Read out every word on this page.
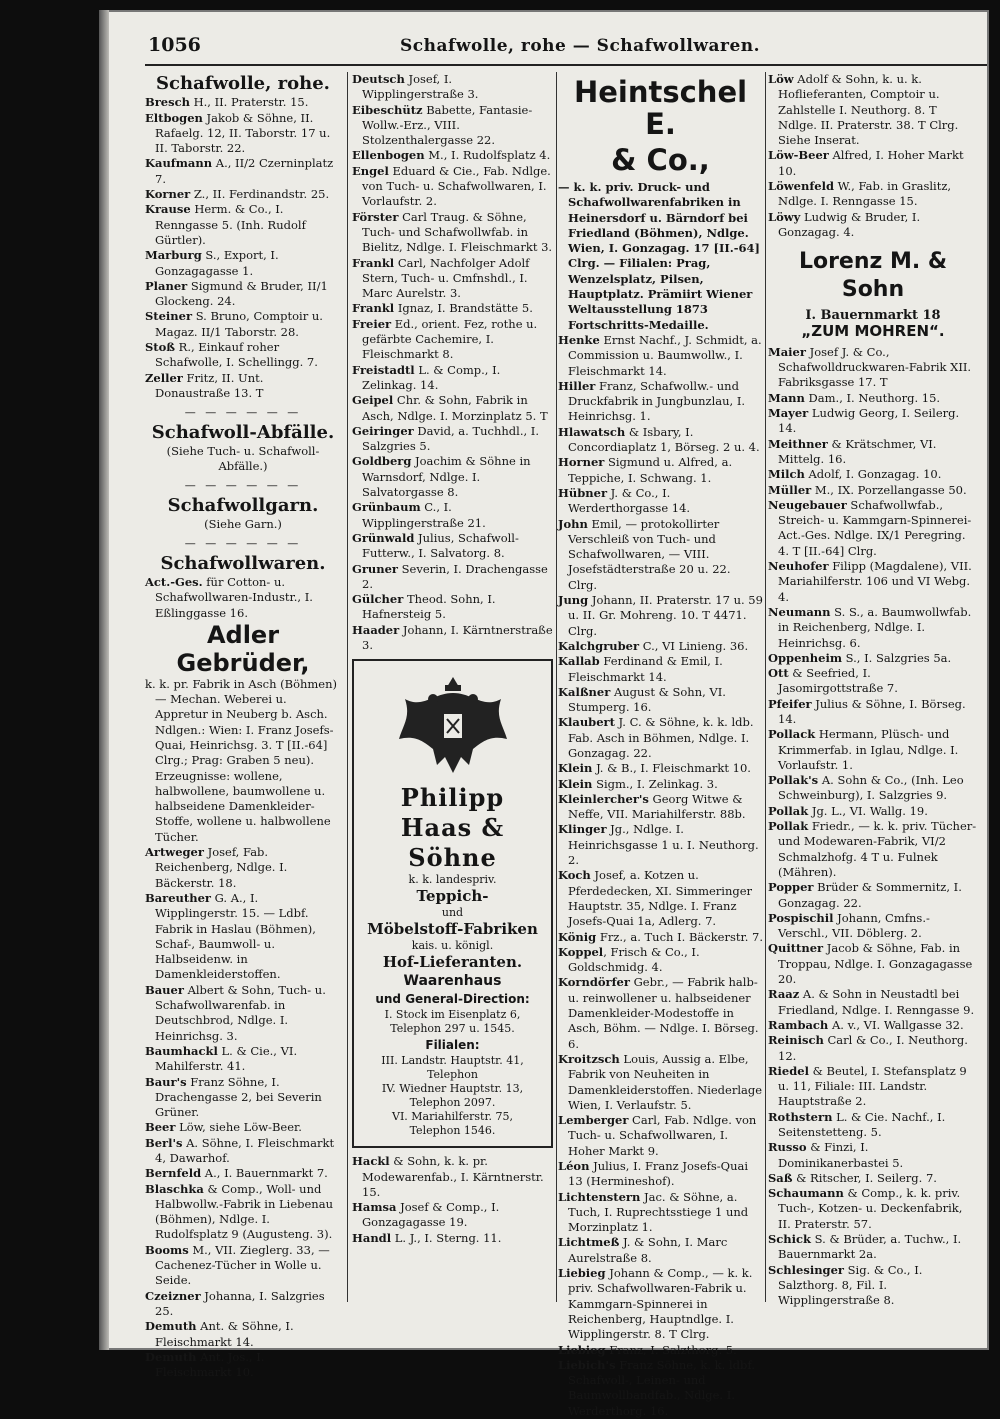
1056	Schafwolle, rohe — Schafwollwaren.
Schafwolle, rohe.
Bresch H., II. Praterstr. 15.
Eltbogen Jakob & Söhne, II. Rafaelg. 12, II. Taborstr. 17 u. II. Taborstr. 22.
Kaufmann A., II/2 Czerninplatz 7.
Korner Z., II. Ferdinandstr. 25.
Krause Herm. & Co., I. Renngasse 5. (Inh. Rudolf Gürtler).
Marburg S., Export, I. Gonzagagasse 1.
Planer Sigmund & Bruder, II/1 Glockeng. 24.
Steiner S. Bruno, Comptoir u. Magaz. II/1 Taborstr. 28.
Stoß R., Einkauf roher Schafwolle, I. Schellingg. 7.
Zeller Fritz, II. Unt. Donaustraße 13. T
— — — — — —
Schafwoll-Abfälle.
(Siehe Tuch- u. Schafwoll-Abfälle.)
— — — — — —
Schafwollgarn.
(Siehe Garn.)
— — — — — —
Schafwollwaren.
Act.-Ges. für Cotton- u. Schafwollwaren-Industr., I. Eßlinggasse 16.
Adler Gebrüder,
k. k. pr. Fabrik in Asch (Böhmen) — Mechan. Weberei u. Appretur in Neuberg b. Asch. Ndlgen.: Wien: I. Franz Josefs-Quai, Heinrichsg. 3. T [II.-64] Clrg.; Prag: Graben 5 neu). Erzeugnisse: wollene, halbwollene, baumwollene u. halbseidene Damenkleider-Stoffe, wollene u. halbwollene Tücher.
Artweger Josef, Fab. Reichenberg, Ndlge. I. Bäckerstr. 18.
Bareuther G. A., I. Wipplingerstr. 15. — Ldbf. Fabrik in Haslau (Böhmen), Schaf-, Baumwoll- u. Halbseidenw. in Damenkleiderstoffen.
Bauer Albert & Sohn, Tuch- u. Schafwollwarenfab. in Deutschbrod, Ndlge. I. Heinrichsg. 3.
Baumhackl L. & Cie., VI. Mahilferstr. 41.
Baur's Franz Söhne, I. Drachengasse 2, bei Severin Grüner.
Beer Löw, siehe Löw-Beer.
Berl's A. Söhne, I. Fleischmarkt 4, Dawarhof.
Bernfeld A., I. Bauernmarkt 7.
Blaschka & Comp., Woll- und Halbwollw.-Fabrik in Liebenau (Böhmen), Ndlge. I. Rudolfsplatz 9 (Augusteng. 3).
Booms M., VII. Zieglerg. 33, — Cachenez-Tücher in Wolle u. Seide.
Czeizner Johanna, I. Salzgries 25.
Demuth Ant. & Söhne, I. Fleischmarkt 14.
Demuth Ant. Jos., I. Fleischmarkt 10.
Deutsch Josef, I. Wipplingerstraße 3.
Eibeschütz Babette, Fantasie-Wollw.-Erz., VIII. Stolzenthalergasse 22.
Ellenbogen M., I. Rudolfsplatz 4.
Engel Eduard & Cie., Fab. Ndlge. von Tuch- u. Schafwollwaren, I. Vorlaufstr. 2.
Förster Carl Traug. & Söhne, Tuch- und Schafwollwfab. in Bielitz, Ndlge. I. Fleischmarkt 3.
Frankl Carl, Nachfolger Adolf Stern, Tuch- u. Cmfnshdl., I. Marc Aurelstr. 3.
Frankl Ignaz, I. Brandstätte 5.
Freier Ed., orient. Fez, rothe u. gefärbte Cachemire, I. Fleischmarkt 8.
Freistadtl L. & Comp., I. Zelinkag. 14.
Geipel Chr. & Sohn, Fabrik in Asch, Ndlge. I. Morzinplatz 5. T
Geiringer David, a. Tuchhdl., I. Salzgries 5.
Goldberg Joachim & Söhne in Warnsdorf, Ndlge. I. Salvatorgasse 8.
Grünbaum C., I. Wipplingerstraße 21.
Grünwald Julius, Schafwoll-Futterw., I. Salvatorg. 8.
Gruner Severin, I. Drachengasse 2.
Gülcher Theod. Sohn, I. Hafnersteig 5.
Haader Johann, I. Kärntnerstraße 3.
Philipp
Haas & Söhne
k. k. landespriv.
Teppich-
und
Möbelstoff-Fabriken
kais. u. königl.
Hof-Lieferanten.
Waarenhaus
und General-Direction:
I. Stock im Eisenplatz 6,
Telephon 297 u. 1545.
Filialen:
III. Landstr. Hauptstr. 41,
Telephon
IV. Wiedner Hauptstr. 13,
Telephon 2097.
VI. Mariahilferstr. 75,
Telephon 1546.
Hackl & Sohn, k. k. pr. Modewarenfab., I. Kärntnerstr. 15.
Hamsa Josef & Comp., I. Gonzagagasse 19.
Handl L. J., I. Sterng. 11.
Heintschel E.
& Co.,
— k. k. priv. Druck- und Schafwollwarenfabriken in Heinersdorf u. Bärndorf bei Friedland (Böhmen), Ndlge. Wien, I. Gonzagag. 17 [II.-64] Clrg. — Filialen: Prag, Wenzelsplatz, Pilsen, Hauptplatz. Prämiirt Wiener Weltausstellung 1873 Fortschritts-Medaille.
Henke Ernst Nachf., J. Schmidt, a. Commission u. Baumwollw., I. Fleischmarkt 14.
Hiller Franz, Schafwollw.- und Druckfabrik in Jungbunzlau, I. Heinrichsg. 1.
Hlawatsch & Isbary, I. Concordiaplatz 1, Börseg. 2 u. 4.
Horner Sigmund u. Alfred, a. Teppiche, I. Schwang. 1.
Hübner J. & Co., I. Werderthorgasse 14.
John Emil, — protokollirter Verschleiß von Tuch- und Schafwollwaren, — VIII. Josefstädterstraße 20 u. 22. Clrg.
Jung Johann, II. Praterstr. 17 u. 59 u. II. Gr. Mohreng. 10. T 4471. Clrg.
Kalchgruber C., VI Linieng. 36.
Kallab Ferdinand & Emil, I. Fleischmarkt 14.
Kalßner August & Sohn, VI. Stumperg. 16.
Klaubert J. C. & Söhne, k. k. ldb. Fab. Asch in Böhmen, Ndlge. I. Gonzagag. 22.
Klein J. & B., I. Fleischmarkt 10.
Klein Sigm., I. Zelinkag. 3.
Kleinlercher's Georg Witwe & Neffe, VII. Mariahilferstr. 88b.
Klinger Jg., Ndlge. I. Heinrichsgasse 1 u. I. Neuthorg. 2.
Koch Josef, a. Kotzen u. Pferdedecken, XI. Simmeringer Hauptstr. 35, Ndlge. I. Franz Josefs-Quai 1a, Adlerg. 7.
König Frz., a. Tuch I. Bäckerstr. 7.
Koppel, Frisch & Co., I. Goldschmidg. 4.
Korndörfer Gebr., — Fabrik halb- u. reinwollener u. halbseidener Damenkleider-Modestoffe in Asch, Böhm. — Ndlge. I. Börseg. 6.
Kroitzsch Louis, Aussig a. Elbe, Fabrik von Neuheiten in Damenkleiderstoffen. Niederlage Wien, I. Verlaufstr. 5.
Lemberger Carl, Fab. Ndlge. von Tuch- u. Schafwollwaren, I. Hoher Markt 9.
Léon Julius, I. Franz Josefs-Quai 13 (Hermineshof).
Lichtenstern Jac. & Söhne, a. Tuch, I. Ruprechtsstiege 1 und Morzinplatz 1.
Lichtmeß J. & Sohn, I. Marc Aurelstraße 8.
Liebieg Johann & Comp., — k. k. priv. Schafwollwaren-Fabrik u. Kammgarn-Spinnerei in Reichenberg, Hauptndlge. I. Wipplingerstr. 8. T Clrg.
Liebieg Franz, I. Salzthorg. 5.
Liebich's Franz Söhne, k. k. ldbf. Schafwoll-, Leinen- und Baumwollbandfab., Ndlge. I. Werderthorg. 16.
Löw Adolf & Sohn, k. u. k. Hoflieferanten, Comptoir u. Zahlstelle I. Neuthorg. 8. T Ndlge. II. Praterstr. 38. T Clrg. Siehe Inserat.
Löw-Beer Alfred, I. Hoher Markt 10.
Löwenfeld W., Fab. in Graslitz, Ndlge. I. Renngasse 15.
Löwy Ludwig & Bruder, I. Gonzagag. 4.
Lorenz M. & Sohn
I. Bauernmarkt 18
„ZUM MOHREN“.
Maier Josef J. & Co., Schafwolldruckwaren-Fabrik XII. Fabriksgasse 17. T
Mann Dam., I. Neuthorg. 15.
Mayer Ludwig Georg, I. Seilerg. 14.
Meithner & Krätschmer, VI. Mittelg. 16.
Milch Adolf, I. Gonzagag. 10.
Müller M., IX. Porzellangasse 50.
Neugebauer Schafwollwfab., Streich- u. Kammgarn-Spinnerei-Act.-Ges. Ndlge. IX/1 Peregring. 4. T [II.-64] Clrg.
Neuhofer Filipp (Magdalene), VII. Mariahilferstr. 106 und VI Webg. 4.
Neumann S. S., a. Baumwollwfab. in Reichenberg, Ndlge. I. Heinrichsg. 6.
Oppenheim S., I. Salzgries 5a.
Ott & Seefried, I. Jasomirgottstraße 7.
Pfeifer Julius & Söhne, I. Börseg. 14.
Pollack Hermann, Plüsch- und Krimmerfab. in Iglau, Ndlge. I. Vorlaufstr. 1.
Pollak's A. Sohn & Co., (Inh. Leo Schweinburg), I. Salzgries 9.
Pollak Jg. L., VI. Wallg. 19.
Pollak Friedr., — k. k. priv. Tücher- und Modewaren-Fabrik, VI/2 Schmalzhofg. 4 T u. Fulnek (Mähren).
Popper Brüder & Sommernitz, I. Gonzagag. 22.
Pospischil Johann, Cmfns.-Verschl., VII. Döblerg. 2.
Quittner Jacob & Söhne, Fab. in Troppau, Ndlge. I. Gonzagagasse 20.
Raaz A. & Sohn in Neustadtl bei Friedland, Ndlge. I. Renngasse 9.
Rambach A. v., VI. Wallgasse 32.
Reinisch Carl & Co., I. Neuthorg. 12.
Riedel & Beutel, I. Stefansplatz 9 u. 11, Filiale: III. Landstr. Hauptstraße 2.
Rothstern L. & Cie. Nachf., I. Seitenstetteng. 5.
Russo & Finzi, I. Dominikanerbastei 5.
Saß & Ritscher, I. Seilerg. 7.
Schaumann & Comp., k. k. priv. Tuch-, Kotzen- u. Deckenfabrik, II. Praterstr. 57.
Schick S. & Brüder, a. Tuchw., I. Bauernmarkt 2a.
Schlesinger Sig. & Co., I. Salzthorg. 8, Fil. I. Wipplingerstraße 8.
